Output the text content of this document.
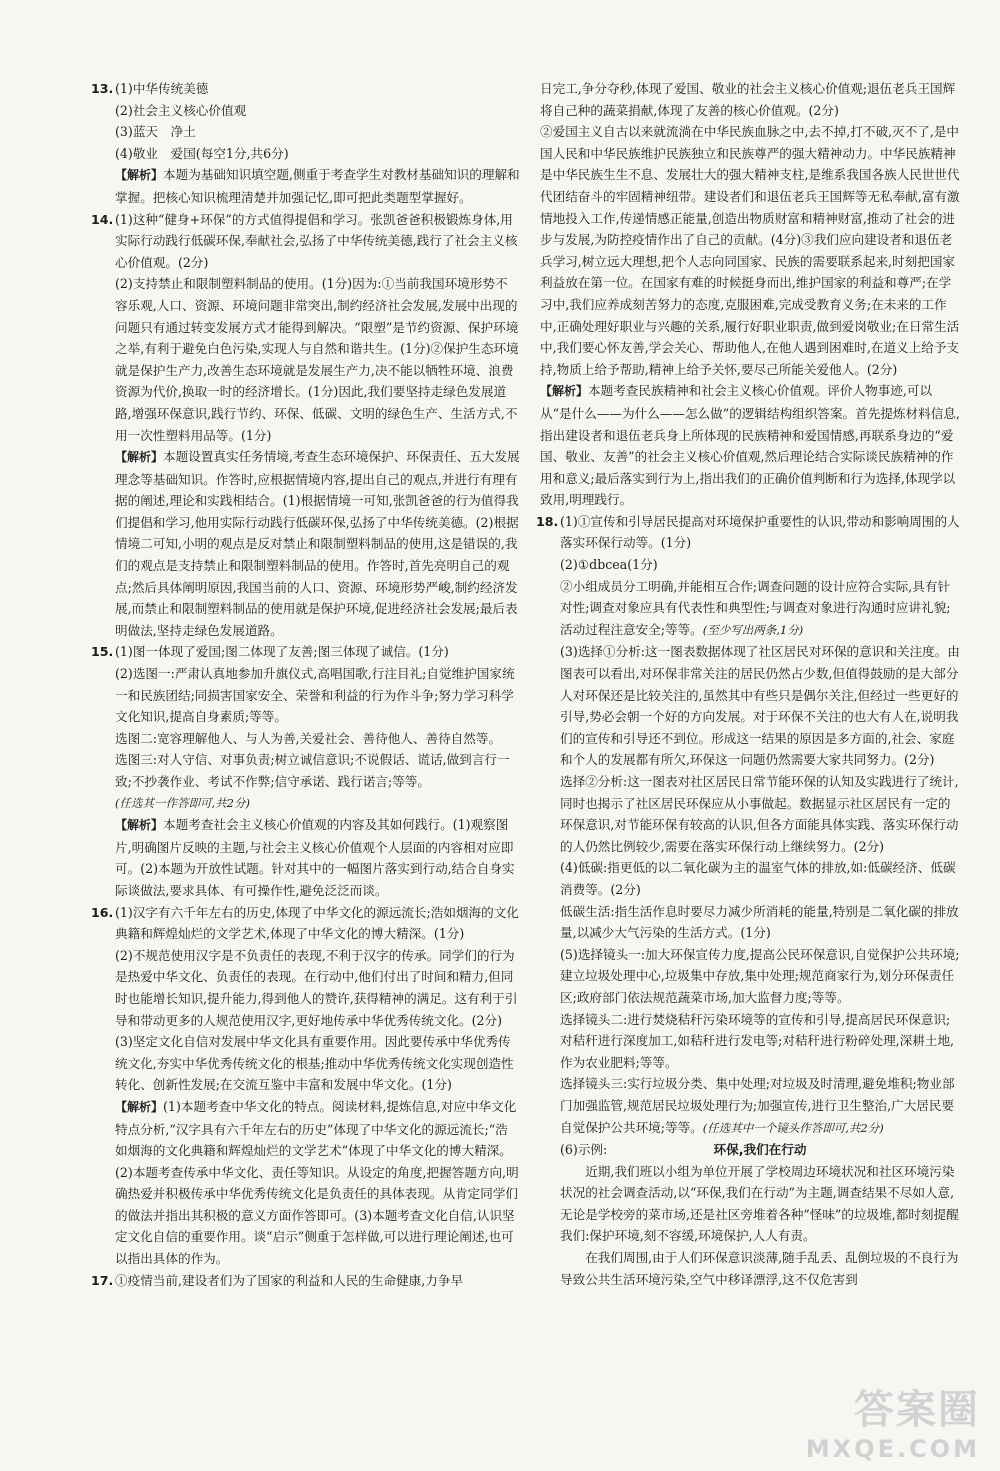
13. (1)中华传统美德
(2)社会主义核心价值观
(3)蓝天　净土
(4)敬业　爱国(每空1分,共6分)
【解析】本题为基础知识填空题,侧重于考查学生对教材基础知识的理解和掌握。把核心知识梳理清楚并加强记忆,即可把此类题型掌握好。
14. (1)这种“健身+环保”的方式值得提倡和学习。张凯爸爸积极锻炼身体,用实际行动践行低碳环保,奉献社会,弘扬了中华传统美德,践行了社会主义核心价值观。(2分)
(2)支持禁止和限制塑料制品的使用。(1分)因为:①当前我国环境形势不容乐观,人口、资源、环境问题非常突出,制约经济社会发展,发展中出现的问题只有通过转变发展方式才能得到解决。“限塑”是节约资源、保护环境之举,有利于避免白色污染,实现人与自然和谐共生。(1分)②保护生态环境就是保护生产力,改善生态环境就是发展生产力,决不能以牺牲环境、浪费资源为代价,换取一时的经济增长。(1分)因此,我们要坚持走绿色发展道路,增强环保意识,践行节约、环保、低碳、文明的绿色生产、生活方式,不用一次性塑料用品等。(1分)
【解析】本题设置真实任务情境,考查生态环境保护、环保责任、五大发展理念等基础知识。作答时,应根据情境内容,提出自己的观点,并进行有理有据的阐述,理论和实践相结合。(1)根据情境一可知,张凯爸爸的行为值得我们提倡和学习,他用实际行动践行低碳环保,弘扬了中华传统美德。(2)根据情境二可知,小明的观点是反对禁止和限制塑料制品的使用,这是错误的,我们的观点是支持禁止和限制塑料制品的使用。作答时,首先亮明自己的观点;然后具体阐明原因,我国当前的人口、资源、环境形势严峻,制约经济发展,而禁止和限制塑料制品的使用就是保护环境,促进经济社会发展;最后表明做法,坚持走绿色发展道路。
15. (1)图一体现了爱国;图二体现了友善;图三体现了诚信。(1分)
(2)选图一:严肃认真地参加升旗仪式,高唱国歌,行注目礼;自觉维护国家统一和民族团结;同损害国家安全、荣誉和利益的行为作斗争;努力学习科学文化知识,提高自身素质;等等。
选图二:宽容理解他人、与人为善,关爱社会、善待他人、善待自然等。
选图三:对人守信、对事负责;树立诚信意识;不说假话、谎话,做到言行一致;不抄袭作业、考试不作弊;信守承诺、践行诺言;等等。
(任选其一作答即可,共2分)
【解析】本题考查社会主义核心价值观的内容及其如何践行。(1)观察图片,明确图片反映的主题,与社会主义核心价值观个人层面的内容相对应即可。(2)本题为开放性试题。针对其中的一幅图片落实到行动,结合自身实际谈做法,要求具体、有可操作性,避免泛泛而谈。
16. (1)汉字有六千年左右的历史,体现了中华文化的源远流长;浩如烟海的文化典籍和辉煌灿烂的文学艺术,体现了中华文化的博大精深。(1分)
(2)不规范使用汉字是不负责任的表现,不利于汉字的传承。同学们的行为是热爱中华文化、负责任的表现。在行动中,他们付出了时间和精力,但同时也能增长知识,提升能力,得到他人的赞许,获得精神的满足。这有利于引导和带动更多的人规范使用汉字,更好地传承中华优秀传统文化。(2分)
(3)坚定文化自信对发展中华文化具有重要作用。因此要传承中华优秀传统文化,夯实中华优秀传统文化的根基;推动中华优秀传统文化实现创造性转化、创新性发展;在交流互鉴中丰富和发展中华文化。(1分)
【解析】(1)本题考查中华文化的特点。阅读材料,提炼信息,对应中华文化特点分析,“汉字具有六千年左右的历史”体现了中华文化的源远流长;“浩如烟海的文化典籍和辉煌灿烂的文学艺术”体现了中华文化的博大精深。(2)本题考查传承中华文化、责任等知识。从设定的角度,把握答题方向,明确热爱并积极传承中华优秀传统文化是负责任的具体表现。从肯定同学们的做法并指出其积极的意义方面作答即可。(3)本题考查文化自信,认识坚定文化自信的重要作用。谈“启示”侧重于怎样做,可以进行理论阐述,也可以指出具体的作为。
17. ①疫情当前,建设者们为了国家的利益和人民的生命健康,力争早
日完工,争分夺秒,体现了爱国、敬业的社会主义核心价值观;退伍老兵王国辉将自己种的蔬菜捐献,体现了友善的核心价值观。(2分)
②爱国主义自古以来就流淌在中华民族血脉之中,去不掉,打不破,灭不了,是中国人民和中华民族维护民族独立和民族尊严的强大精神动力。中华民族精神是中华民族生生不息、发展壮大的强大精神支柱,是维系我国各族人民世世代代团结奋斗的牢固精神纽带。建设者们和退伍老兵王国辉等无私奉献,富有激情地投入工作,传递情感正能量,创造出物质财富和精神财富,推动了社会的进步与发展,为防控疫情作出了自己的贡献。(4分)③我们应向建设者和退伍老兵学习,树立远大理想,把个人志向同国家、民族的需要联系起来,时刻把国家利益放在第一位。在国家有难的时候挺身而出,维护国家的利益和尊严;在学习中,我们应养成刻苦努力的态度,克服困难,完成受教育义务;在未来的工作中,正确处理好职业与兴趣的关系,履行好职业职责,做到爱岗敬业;在日常生活中,我们要心怀友善,学会关心、帮助他人,在他人遇到困难时,在道义上给予支持,物质上给予帮助,精神上给予关怀,要尽己所能关爱他人。(2分)
【解析】本题考查民族精神和社会主义核心价值观。评价人物事迹,可以从“是什么——为什么——怎么做”的逻辑结构组织答案。首先提炼材料信息,指出建设者和退伍老兵身上所体现的民族精神和爱国情感,再联系身边的“爱国、敬业、友善”的社会主义核心价值观,然后理论结合实际谈民族精神的作用和意义;最后落实到行为上,指出我们的正确价值判断和行为选择,体现学以致用,明理践行。
18. (1)①宣传和引导居民提高对环境保护重要性的认识,带动和影响周围的人落实环保行动等。(1分)
(2)①dbcea(1分)
②小组成员分工明确,并能相互合作;调查问题的设计应符合实际,具有针对性;调查对象应具有代表性和典型性;与调查对象进行沟通时应讲礼貌;活动过程注意安全;等等。(至少写出两条,1分)
(3)选择①分析:这一图表数据体现了社区居民对环保的意识和关注度。由图表可以看出,对环保非常关注的居民仍然占少数,但值得鼓励的是大部分人对环保还是比较关注的,虽然其中有些只是偶尔关注,但经过一些更好的引导,势必会朝一个好的方向发展。对于环保不关注的也大有人在,说明我们的宣传和引导还不到位。形成这一结果的原因是多方面的,社会、家庭和个人的发展都有所欠,环保这一问题仍然需要大家共同努力。(2分)
选择②分析:这一图表对社区居民日常节能环保的认知及实践进行了统计,同时也揭示了社区居民环保应从小事做起。数据显示社区居民有一定的环保意识,对节能环保有较高的认识,但各方面能具体实践、落实环保行动的人仍然比例较少,需要在落实环保行动上继续努力。(2分)
(4)低碳:指更低的以二氧化碳为主的温室气体的排放,如:低碳经济、低碳消费等。(2分)
低碳生活:指生活作息时要尽力减少所消耗的能量,特别是二氧化碳的排放量,以减少大气污染的生活方式。(1分)
(5)选择镜头一:加大环保宣传力度,提高公民环保意识,自觉保护公共环境;建立垃圾处理中心,垃圾集中存放,集中处理;规范商家行为,划分环保责任区;政府部门依法规范蔬菜市场,加大监督力度;等等。
选择镜头二:进行焚烧秸秆污染环境等的宣传和引导,提高居民环保意识;对秸秆进行深度加工,如秸秆进行发电等;对秸秆进行粉碎处理,深耕土地,作为农业肥料;等等。
选择镜头三:实行垃圾分类、集中处理;对垃圾及时清理,避免堆积;物业部门加强监管,规范居民垃圾处理行为;加强宣传,进行卫生整治,广大居民要自觉保护公共环境;等等。(任选其中一个镜头作答即可,共2分)
(6)示例:	环保,我们在行动
近期,我们班以小组为单位开展了学校周边环境状况和社区环境污染状况的社会调查活动,以“环保,我们在行动”为主题,调查结果不尽如人意,无论是学校旁的菜市场,还是社区旁堆着各种“怪味”的垃圾堆,都时刻提醒我们:保护环境,刻不容缓,环境保护,人人有责。
在我们周围,由于人们环保意识淡薄,随手乱丢、乱倒垃圾的不良行为导致公共生活环境污染,空气中移译漂浮,这不仅危害到
答案圈
MXQE.COM
